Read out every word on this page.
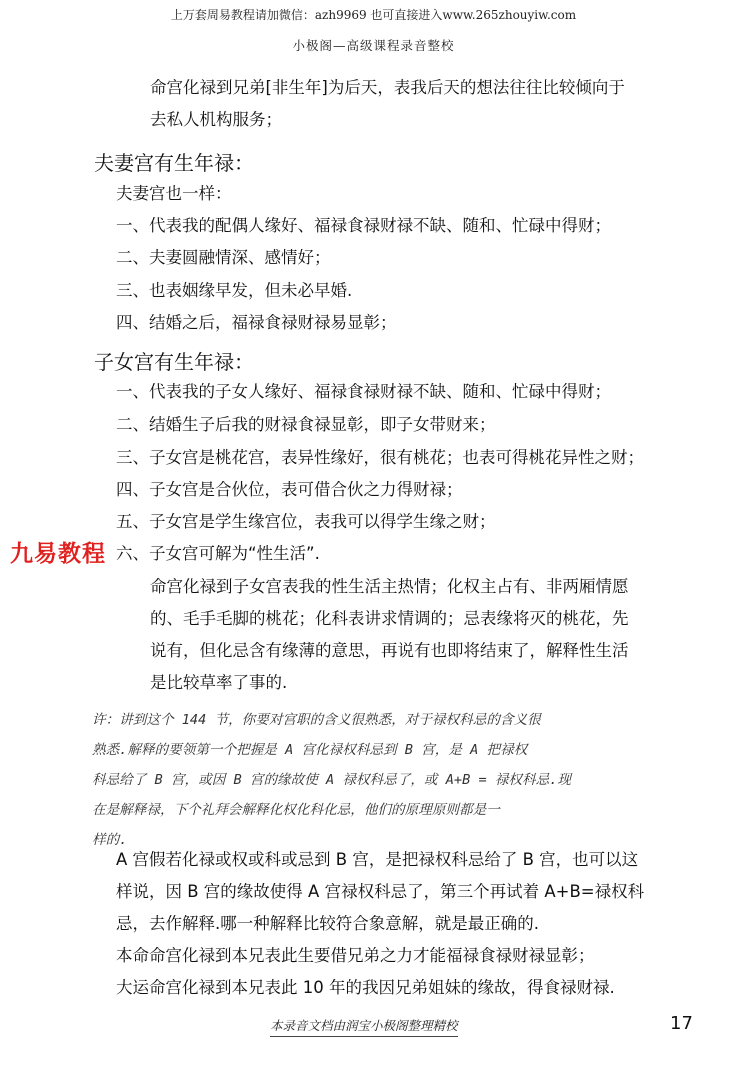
上万套周易教程请加微信：azh9969 也可直接进入www.265zhouyiw.com
小极阁—高级课程录音整校
命宫化禄到兄弟[非生年]为后天，表我后天的想法往往比较倾向于
去私人机构服务；
夫妻宫有生年禄：
夫妻宫也一样：
一、代表我的配偶人缘好、福禄食禄财禄不缺、随和、忙碌中得财；
二、夫妻圆融情深、感情好；
三、也表姻缘早发，但未必早婚.
四、结婚之后，福禄食禄财禄易显彰；
子女宫有生年禄：
一、代表我的子女人缘好、福禄食禄财禄不缺、随和、忙碌中得财；
二、结婚生子后我的财禄食禄显彰，即子女带财来；
三、子女宫是桃花宫，表异性缘好，很有桃花；也表可得桃花异性之财；
四、子女宫是合伙位，表可借合伙之力得财禄；
五、子女宫是学生缘宫位，表我可以得学生缘之财；
六、子女宫可解为“性生活”.
命宫化禄到子女宫表我的性生活主热情；化权主占有、非两厢情愿
的、毛手毛脚的桃花；化科表讲求情调的；忌表缘将灭的桃花，先
说有，但化忌含有缘薄的意思，再说有也即将结束了，解释性生活
是比较草率了事的.
九易教程
许：讲到这个 144 节，你要对宫职的含义很熟悉，对于禄权科忌的含义很
熟悉.解释的要领第一个把握是 A 宫化禄权科忌到 B 宫，是 A 把禄权
科忌给了 B 宫，或因 B 宫的缘故使 A 禄权科忌了，或 A+B = 禄权科忌.现
在是解释禄，下个礼拜会解释化权化科化忌，他们的原理原则都是一
样的.
A 宫假若化禄或权或科或忌到 B 宫，是把禄权科忌给了 B 宫，也可以这
样说，因 B 宫的缘故使得 A 宫禄权科忌了，第三个再试着 A+B=禄权科
忌，去作解释.哪一种解释比较符合象意解，就是最正确的.
本命命宫化禄到本兄表此生要借兄弟之力才能福禄食禄财禄显彰；
大运命宫化禄到本兄表此 10 年的我因兄弟姐妹的缘故，得食禄财禄.
本录音文档由润宝小极阁整理精校	17
